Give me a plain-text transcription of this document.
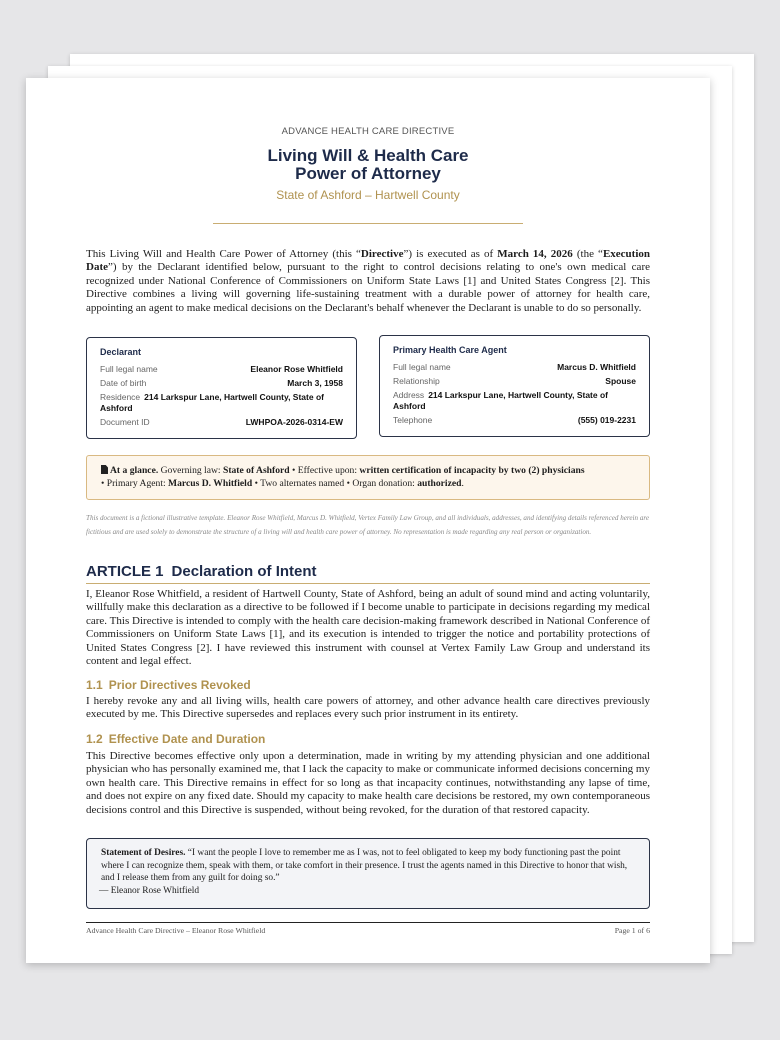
ADVANCE HEALTH CARE DIRECTIVE
Living Will & Health Care
Power of Attorney
State of Ashford – Hartwell County

This Living Will and Health Care Power of Attorney (this “Directive”) is executed as of March 14, 2026 (the “Execution Date”) by the Declarant identified below, pursuant to the right to control decisions relating to one's own medical care recognized under National Conference of Commissioners on Uniform State Laws [1] and United States Congress [2]. This Directive combines a living will governing life-sustaining treatment with a durable power of attorney for health care, appointing an agent to make medical decisions on the Declarant's behalf whenever the Declarant is unable to do so personally.

Declarant
Full legal name	Eleanor Rose Whitfield
Date of birth	March 3, 1958
Residence 214 Larkspur Lane, Hartwell County, State of Ashford
Document ID	LWHPOA-2026-0314-EW
Primary Health Care Agent
Full legal name	Marcus D. Whitfield
Relationship	Spouse
Address 214 Larkspur Lane, Hartwell County, State of Ashford
Telephone	(555) 019-2231
At a glance. Governing law: State of Ashford • Effective upon: written certification of incapacity by two (2) physicians
• Primary Agent: Marcus D. Whitfield • Two alternates named • Organ donation: authorized.

This document is a fictional illustrative template. Eleanor Rose Whitfield, Marcus D. Whitfield, Vertex Family Law Group, and all individuals, addresses, and identifying details referenced herein are fictitious and are used solely to demonstrate the structure of a living will and health care power of attorney. No representation is made regarding any real person or organization.

ARTICLE 1 Declaration of Intent

I, Eleanor Rose Whitfield, a resident of Hartwell County, State of Ashford, being an adult of sound mind and acting voluntarily, willfully make this declaration as a directive to be followed if I become unable to participate in decisions regarding my medical care. This Directive is intended to comply with the health care decision-making framework described in National Conference of Commissioners on Uniform State Laws [1], and its execution is intended to trigger the notice and portability protections of United States Congress [2]. I have reviewed this instrument with counsel at Vertex Family Law Group and understand its content and legal effect.

1.1 Prior Directives Revoked

I hereby revoke any and all living wills, health care powers of attorney, and other advance health care directives previously executed by me. This Directive supersedes and replaces every such prior instrument in its entirety.

1.2 Effective Date and Duration

This Directive becomes effective only upon a determination, made in writing by my attending physician and one additional physician who has personally examined me, that I lack the capacity to make or communicate informed decisions concerning my own health care. This Directive remains in effect for so long as that incapacity continues, notwithstanding any lapse of time, and does not expire on any fixed date. Should my capacity to make health care decisions be restored, my own contemporaneous decisions control and this Directive is suspended, without being revoked, for the duration of that restored capacity.

Statement of Desires. “I want the people I love to remember me as I was, not to feel obligated to keep my body functioning past the point where I can recognize them, speak with them, or take comfort in their presence. I trust the agents named in this Directive to honor that wish, and I release them from any guilt for doing so.”
— Eleanor Rose Whitfield
Advance Health Care Directive – Eleanor Rose Whitfield	Page 1 of 6
